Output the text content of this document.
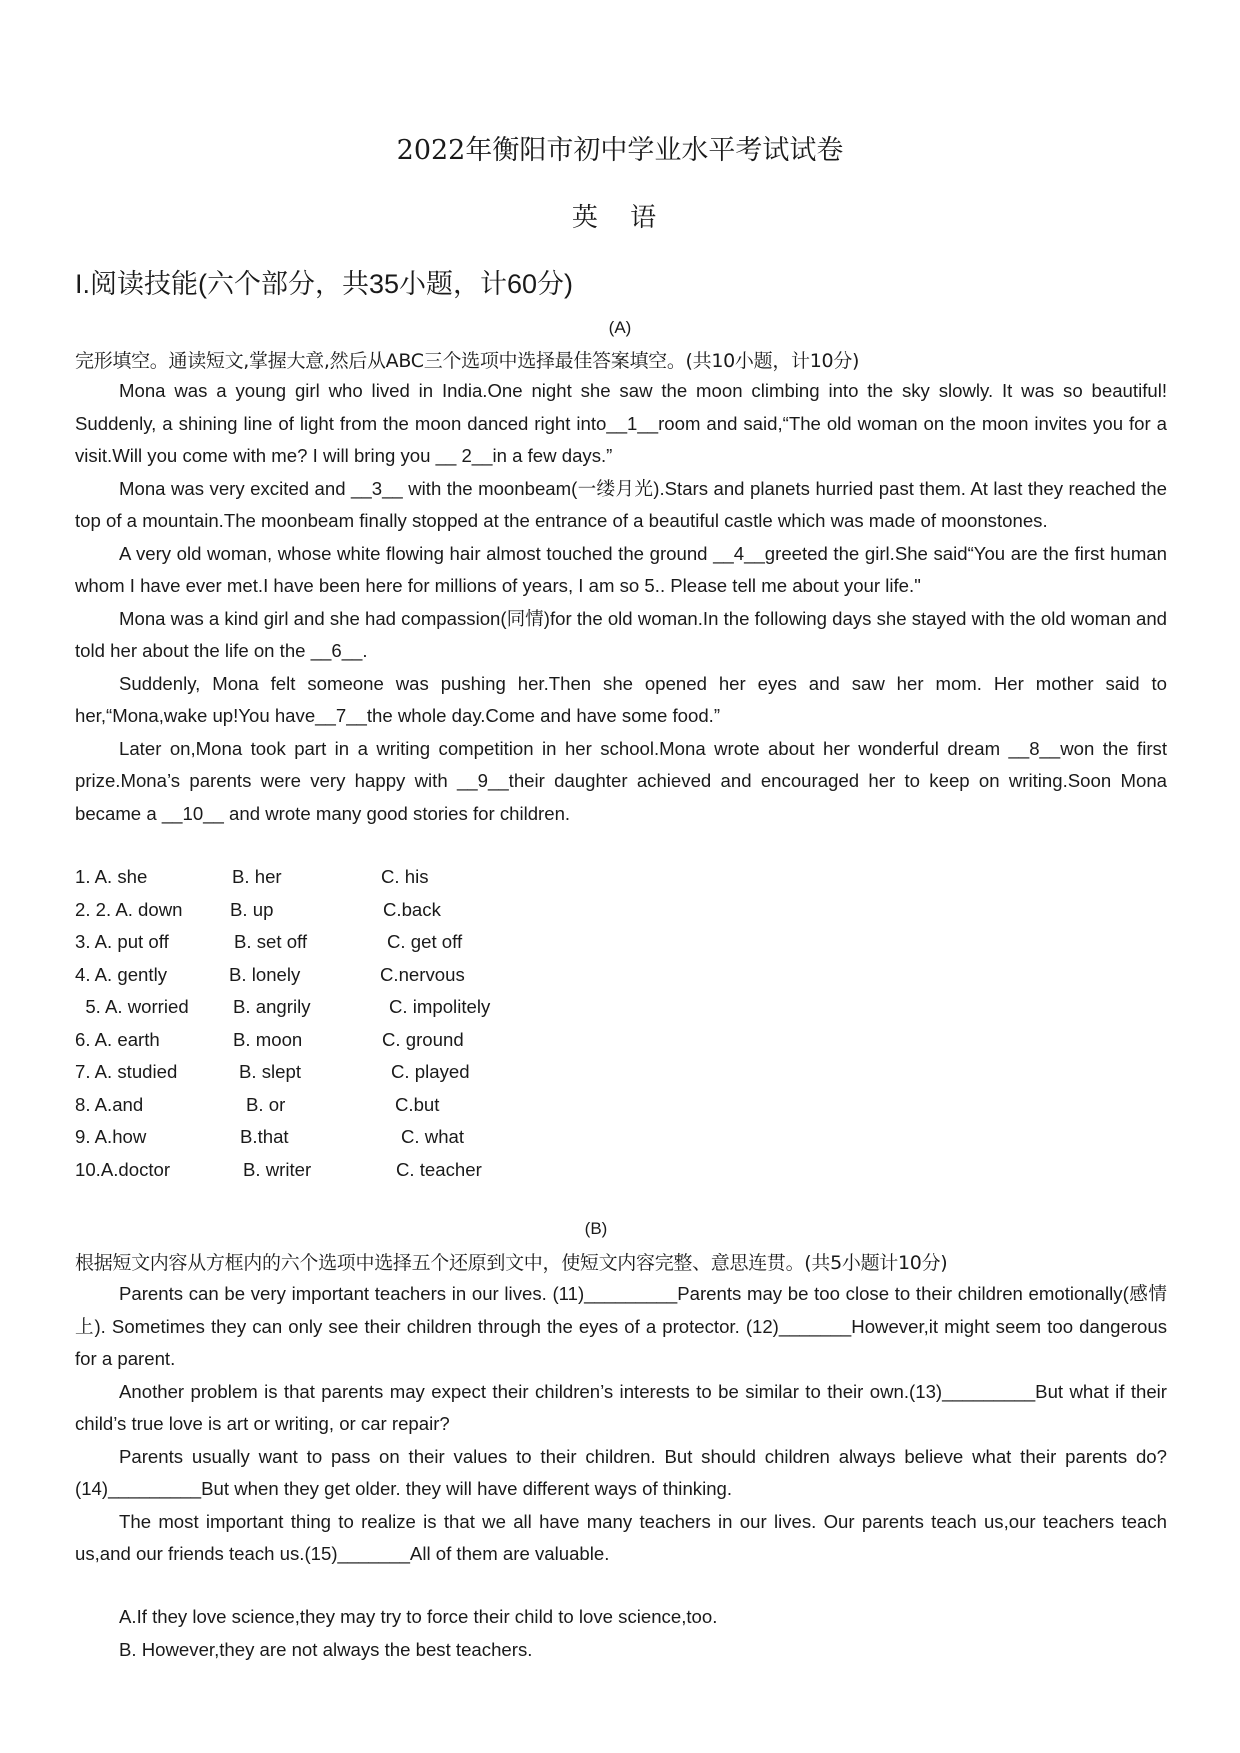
2022年衡阳市初中学业水平考试试卷
英 语
I.阅读技能(六个部分，共35小题，计60分)
(A)
完形填空。通读短文,掌握大意,然后从ABC三个选项中选择最佳答案填空。(共10小题，计10分)

Mona was a young girl who lived in India.One night she saw the moon climbing into the sky slowly. It was so beautiful! Suddenly, a shining line of light from the moon danced right into__1__room and said,“The old woman on the moon invites you for a visit.Will you come with me? I will bring you __ 2__in a few days.”

Mona was very excited and __3__ with the moonbeam(一缕月光).Stars and planets hurried past them. At last they reached the top of a mountain.The moonbeam finally stopped at the entrance of a beautiful castle which was made of moonstones.

A very old woman, whose white flowing hair almost touched the ground __4__greeted the girl.She said“You are the first human whom I have ever met.I have been here for millions of years, I am so 5.. Please tell me about your life."

Mona was a kind girl and she had compassion(同情)for the old woman.In the following days she stayed with the old woman and told her about the life on the __6__.

Suddenly, Mona felt someone was pushing her.Then she opened her eyes and saw her mom. Her mother said to her,“Mona,wake up!You have__7__the whole day.Come and have some food.”

Later on,Mona took part in a writing competition in her school.Mona wrote about her wonderful dream __8__won the first prize.Mona’s parents were very happy with __9__their daughter achieved and encouraged her to keep on writing.Soon Mona became a __10__ and wrote many good stories for children.

1. A. she	B. her	C. his
2. 2. A. down	B. up	C.back
3. A. put off	B. set off	C. get off
4. A. gently	B. lonely	C.nervous
5. A. worried B. angrily	C. impolitely
6. A. earth	B. moon	C. ground
7. A. studied	B. slept	C. played
8. A.and	B. or	C.but
9. A.how	B.that	C. what
10.A.doctor	B. writer	C. teacher
(B)
根据短文内容从方框内的六个选项中选择五个还原到文中，使短文内容完整、意思连贯。(共5小题计10分)

Parents can be very important teachers in our lives. (11)_________Parents may be too close to their children emotionally(感情上). Sometimes they can only see their children through the eyes of a protector. (12)_______However,it might seem too dangerous for a parent.

Another problem is that parents may expect their children’s interests to be similar to their own.(13)_________But what if their child’s true love is art or writing, or car repair?

Parents usually want to pass on their values to their children. But should children always believe what their parents do?(14)_________But when they get older. they will have different ways of thinking.

The most important thing to realize is that we all have many teachers in our lives. Our parents teach us,our teachers teach us,and our friends teach us.(15)_______All of them are valuable.

A.If they love science,they may try to force their child to love science,too.
B. However,they are not always the best teachers.
